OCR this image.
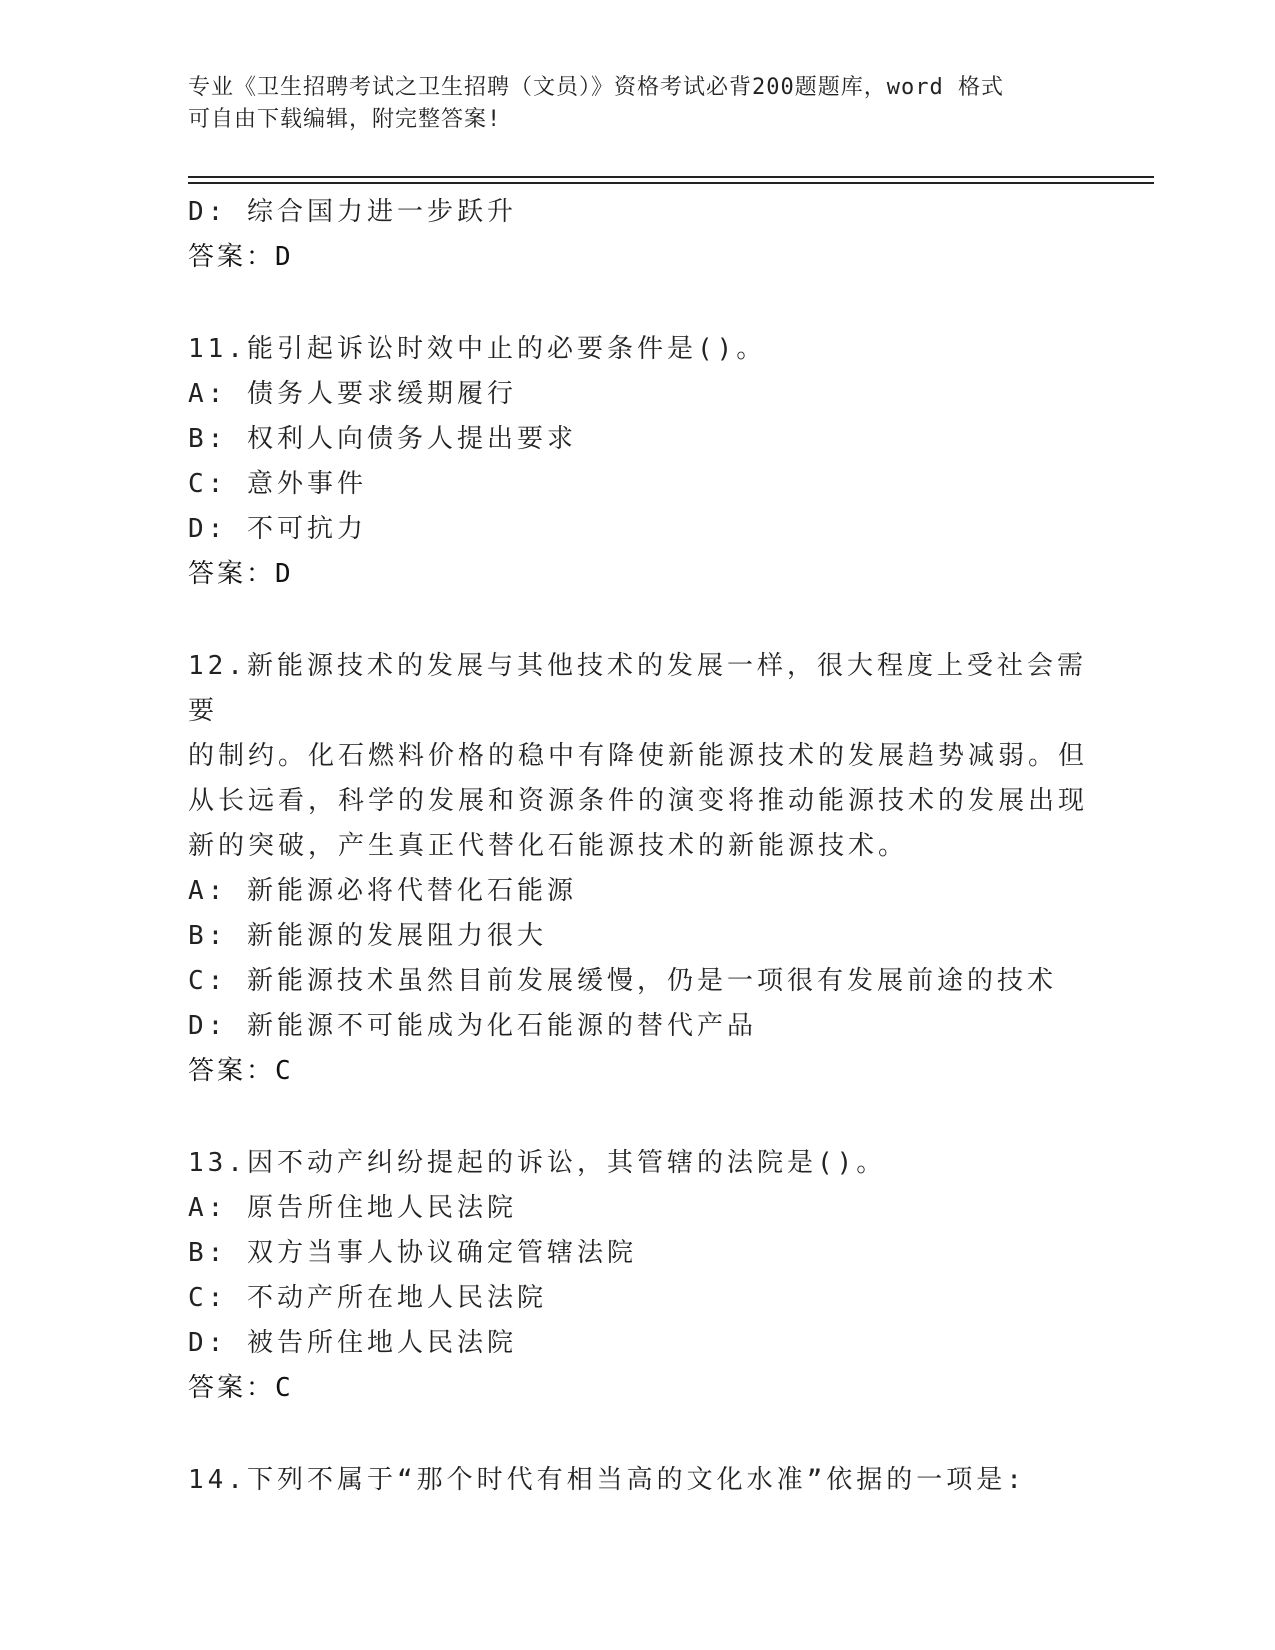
专业《卫生招聘考试之卫生招聘（文员）》资格考试必背200题题库，word 格式
可自由下载编辑，附完整答案!
D: 综合国力进一步跃升
答案：D
11.能引起诉讼时效中止的必要条件是()。
A: 债务人要求缓期履行
B: 权利人向债务人提出要求
C: 意外事件
D: 不可抗力
答案：D
12.新能源技术的发展与其他技术的发展一样，很大程度上受社会需要
的制约。化石燃料价格的稳中有降使新能源技术的发展趋势减弱。但
从长远看，科学的发展和资源条件的演变将推动能源技术的发展出现
新的突破，产生真正代替化石能源技术的新能源技术。
A: 新能源必将代替化石能源
B: 新能源的发展阻力很大
C: 新能源技术虽然目前发展缓慢，仍是一项很有发展前途的技术
D: 新能源不可能成为化石能源的替代产品
答案：C
13.因不动产纠纷提起的诉讼，其管辖的法院是()。
A: 原告所住地人民法院
B: 双方当事人协议确定管辖法院
C: 不动产所在地人民法院
D: 被告所住地人民法院
答案：C
14.下列不属于“那个时代有相当高的文化水准”依据的一项是:
